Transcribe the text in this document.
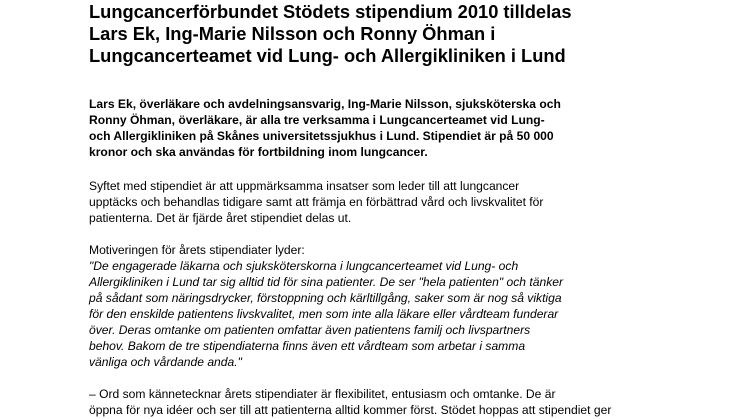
Lungcancerförbundet Stödets stipendium 2010 tilldelas
Lars Ek, Ing-Marie Nilsson och Ronny Öhman i
Lungcancerteamet vid Lung- och Allergikliniken i Lund
Lars Ek, överläkare och avdelningsansvarig, Ing-Marie Nilsson, sjuksköterska och
Ronny Öhman, överläkare, är alla tre verksamma i Lungcancerteamet vid Lung-
och Allergikliniken på Skånes universitetssjukhus i Lund. Stipendiet är på 50 000
kronor och ska användas för fortbildning inom lungcancer.
Syftet med stipendiet är att uppmärksamma insatser som leder till att lungcancer
upptäcks och behandlas tidigare samt att främja en förbättrad vård och livskvalitet för
patienterna. Det är fjärde året stipendiet delas ut.
Motiveringen för årets stipendiater lyder:
"De engagerade läkarna och sjuksköterskorna i lungcancerteamet vid Lung- och
Allergikliniken i Lund tar sig alltid tid för sina patienter. De ser "hela patienten" och tänker
på sådant som näringsdrycker, förstoppning och kärltillgång, saker som är nog så viktiga
för den enskilde patientens livskvalitet, men som inte alla läkare eller vårdteam funderar
över. Deras omtanke om patienten omfattar även patientens familj och livspartners
behov. Bakom de tre stipendiaterna finns även ett vårdteam som arbetar i samma
vänliga och vårdande anda."
– Ord som kännetecknar årets stipendiater är flexibilitet, entusiasm och omtanke. De är
öppna för nya idéer och ser till att patienterna alltid kommer först. Stödet hoppas att stipendiet ger
